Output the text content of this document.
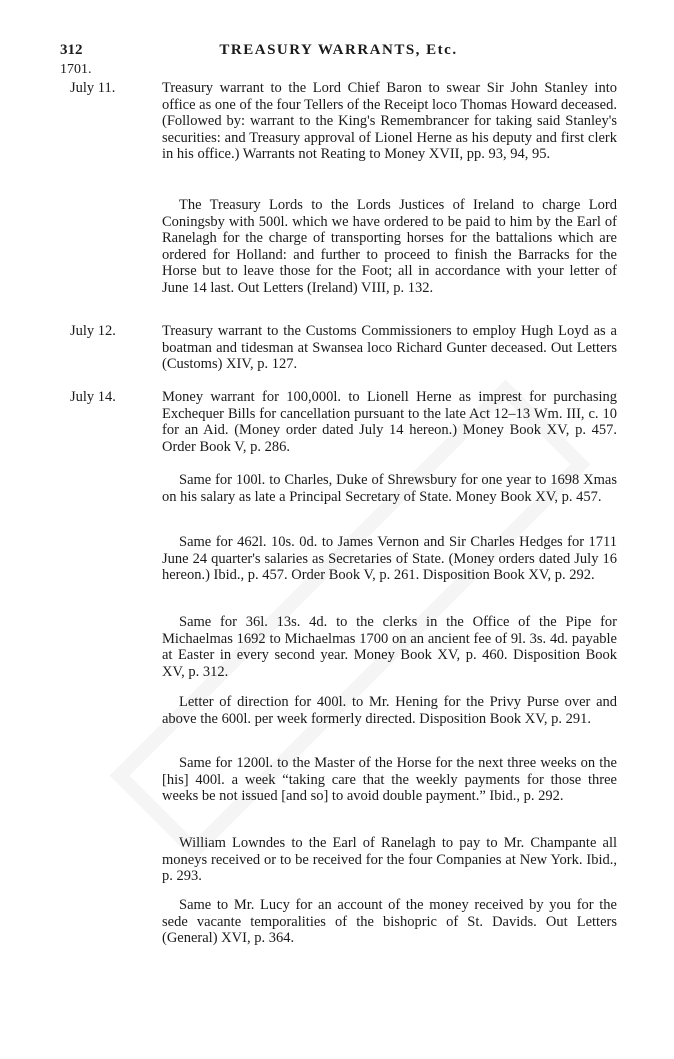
312	TREASURY WARRANTS, Etc.
1701.
July 11.	Treasury warrant to the Lord Chief Baron to swear Sir John Stanley into office as one of the four Tellers of the Receipt loco Thomas Howard deceased. (Followed by: warrant to the King's Remembrancer for taking said Stanley's securities: and Treasury approval of Lionel Herne as his deputy and first clerk in his office.) Warrants not Reating to Money XVII, pp. 93, 94, 95.

The Treasury Lords to the Lords Justices of Ireland to charge Lord Coningsby with 500l. which we have ordered to be paid to him by the Earl of Ranelagh for the charge of transporting horses for the battalions which are ordered for Holland: and further to proceed to finish the Barracks for the Horse but to leave those for the Foot; all in accordance with your letter of June 14 last. Out Letters (Ireland) VIII, p. 132.

July 12.	Treasury warrant to the Customs Commissioners to employ Hugh Loyd as a boatman and tidesman at Swansea loco Richard Gunter deceased. Out Letters (Customs) XIV, p. 127.

July 14.	Money warrant for 100,000l. to Lionell Herne as imprest for purchasing Exchequer Bills for cancellation pursuant to the late Act 12–13 Wm. III, c. 10 for an Aid. (Money order dated July 14 hereon.) Money Book XV, p. 457. Order Book V, p. 286.

Same for 100l. to Charles, Duke of Shrewsbury for one year to 1698 Xmas on his salary as late a Principal Secretary of State. Money Book XV, p. 457.

Same for 462l. 10s. 0d. to James Vernon and Sir Charles Hedges for 1711 June 24 quarter's salaries as Secretaries of State. (Money orders dated July 16 hereon.) Ibid., p. 457. Order Book V, p. 261. Disposition Book XV, p. 292.

Same for 36l. 13s. 4d. to the clerks in the Office of the Pipe for Michaelmas 1692 to Michaelmas 1700 on an ancient fee of 9l. 3s. 4d. payable at Easter in every second year. Money Book XV, p. 460. Disposition Book XV, p. 312.

Letter of direction for 400l. to Mr. Hening for the Privy Purse over and above the 600l. per week formerly directed. Disposition Book XV, p. 291.

Same for 1200l. to the Master of the Horse for the next three weeks on the [his] 400l. a week “taking care that the weekly payments for those three weeks be not issued [and so] to avoid double payment.” Ibid., p. 292.

William Lowndes to the Earl of Ranelagh to pay to Mr. Champante all moneys received or to be received for the four Companies at New York. Ibid., p. 293.

Same to Mr. Lucy for an account of the money received by you for the sede vacante temporalities of the bishopric of St. Davids. Out Letters (General) XVI, p. 364.
